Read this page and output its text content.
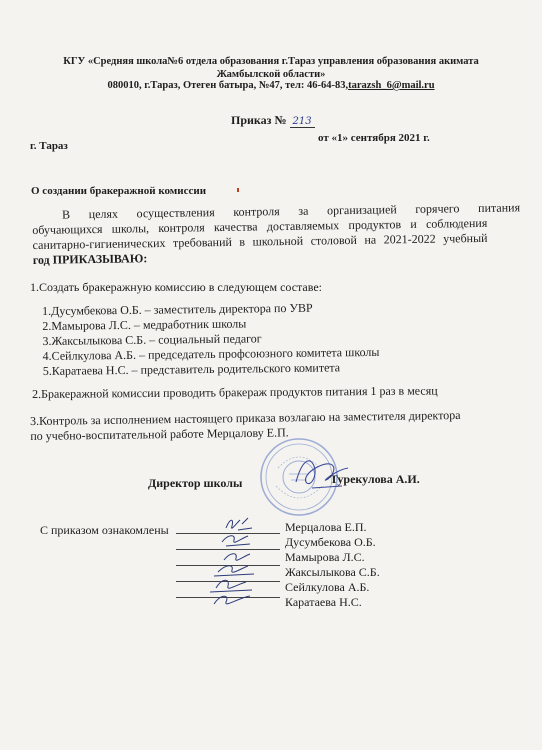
КГУ «Средняя школа№6 отдела образования г.Тараз управления образования акимата
Жамбылской области»
080010, г.Тараз, Отеген батыра, №47, тел: 46-64-83,tarazsh_6@mail.ru
Приказ № 213
г. Тараз
от «1» сентября 2021 г.
О создании бракеражной комиссии
В целях осуществления контроля за организацией горячего питания
обучающихся школы, контроля качества доставляемых продуктов и соблюдения
санитарно-гигиенических требований в школьной столовой на 2021-2022 учебный
год ПРИКАЗЫВАЮ:
1.Создать бракеражную комиссию в следующем составе:
1.Дусумбекова О.Б. – заместитель директора по УВР
2.Мамырова Л.С. – медработник школы
3.Жаксылыкова С.Б. – социальный педагог
4.Сейлкулова А.Б. – председатель профсоюзного комитета школы
5.Каратаева Н.С. – представитель родительского комитета
2.Бракеражной комиссии проводить бракераж продуктов питания 1 раз в месяц
3.Контроль за исполнением настоящего приказа возлагаю на заместителя директора
по учебно-воспитательной работе Мерцалову Е.П.
Директор школы	Турекулова А.И.
С приказом ознакомлены	Мерцалова Е.П.
Дусумбекова О.Б.
Мамырова Л.С.
Жаксылыкова С.Б.
Сейлкулова А.Б.
Каратаева Н.С.
